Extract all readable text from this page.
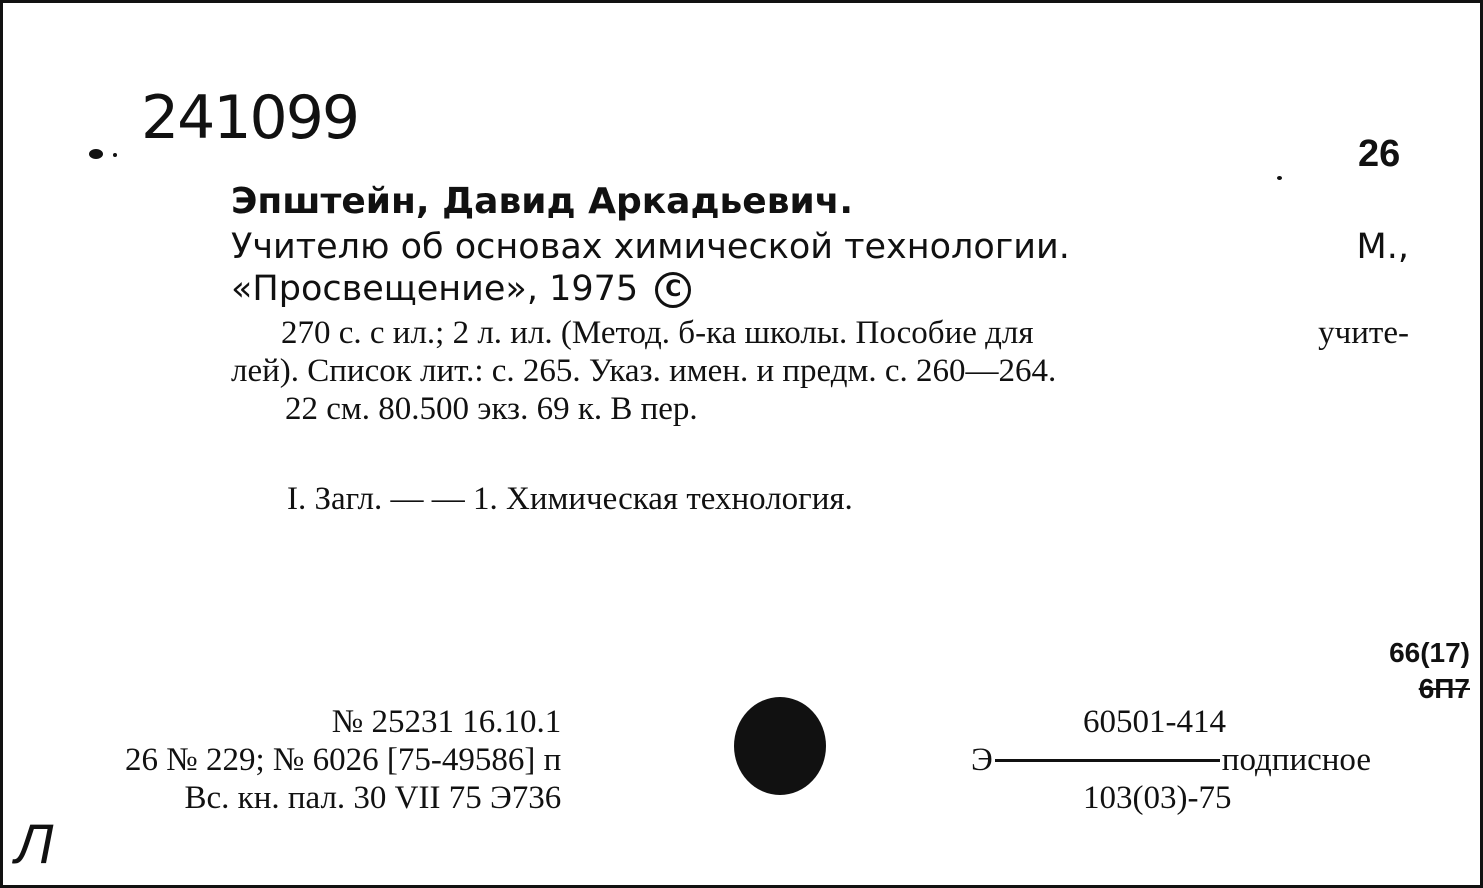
241099
26
Эпштейн, Давид Аркадьевич.
Учителю об основах химической технологии.	М.,
«Просвещение», 1975 С
270 с. с ил.; 2 л. ил. (Метод. б-ка школы. Пособие для	учите-
лей). Список лит.: с. 265. Указ. имен. и предм. с. 260—264.
22 см. 80.500 экз. 69 к. В пер.
I. Загл. — — 1. Химическая технология.
66(17)
6П7
№ 25231 16.10.1
26 № 229; № 6026 [75-49586] п
Вс. кн. пал. 30 VII 75 Э736
60501-414
Э	подписное
103(03)-75
Л
